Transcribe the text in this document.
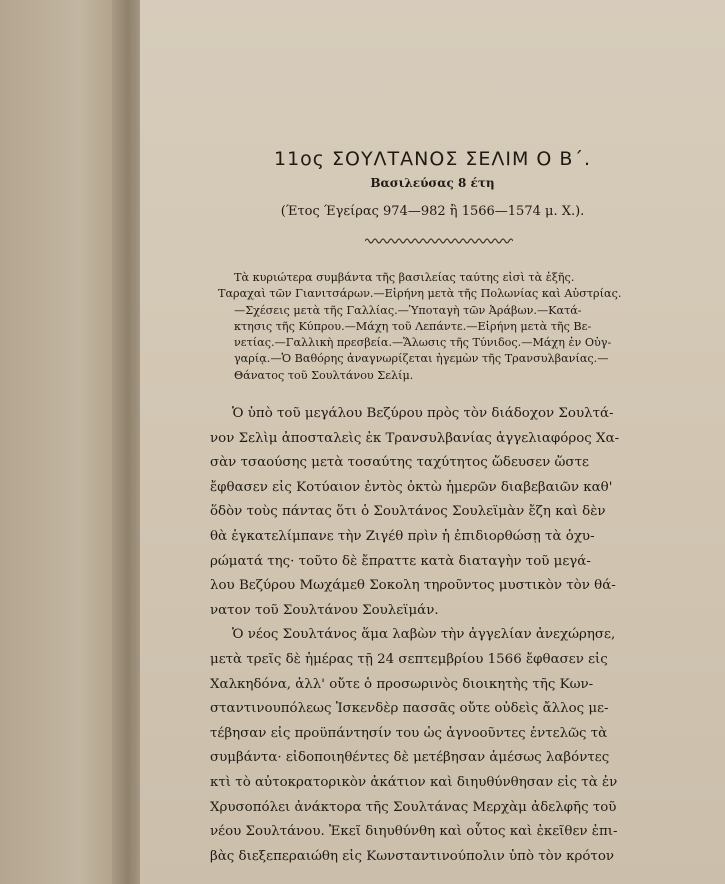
11ος ΣΟΥΛΤΑΝΟΣ ΣΕΛΙΜ Ο Β΄.
Βασιλεύσας 8 έτη
(Έτος Έγείρας 974—982 ἢ 1566—1574 μ. Χ.).
Τὰ κυριώτερα συμβάντα τῆς βασιλείας ταύτης εἰσὶ τὰ ἑξῆς.
Ταραχαὶ τῶν Γιανιτσάρων.—Εἰρήνη μετὰ τῆς Πολωνίας καὶ Αὐστρίας.
—Σχέσεις μετὰ τῆς Γαλλίας.—Ὑποταγὴ τῶν Ἀράβων.—Κατά-
κτησις τῆς Κύπρου.—Μάχη τοῦ Λεπάντε.—Εἰρήνη μετὰ τῆς Βε-
νετίας.—Γαλλικὴ πρεσβεία.—Ἅλωσις τῆς Τύνιδος.—Μάχη ἐν Οὐγ-
γαρίᾳ.—Ὁ Βαθόρης ἀναγνωρίζεται ἡγεμὼν τῆς Τρανσυλβανίας.—
Θάνατος τοῦ Σουλτάνου Σελίμ.
Ὁ ὑπὸ τοῦ μεγάλου Βεζύρου πρὸς τὸν διάδοχον Σουλτά-
νον Σελὶμ ἀποσταλεὶς ἐκ Τρανσυλβανίας ἀγγελιαφόρος Χα-
σὰν τσαούσης μετὰ τοσαύτης ταχύτητος ὥδευσεν ὥστε
ἔφθασεν εἰς Κοτύαιον ἐντὸς ὀκτὼ ἡμερῶν διαβεβαιῶν καθ'
ὅδὸν τοὺς πάντας ὅτι ὁ Σουλτάνος Σουλεϊμὰν ἔζη καὶ δὲν
θὰ ἐγκατελίμπανε τὴν Ζιγέθ πρὶν ἡ ἐπιδιορθώσῃ τὰ ὀχυ-
ρώματά της· τοῦτο δὲ ἔπραττε κατὰ διαταγὴν τοῦ μεγά-
λου Βεζύρου Μωχάμεθ Σοκολη τηροῦντος μυστικὸν τὸν θά-
νατον τοῦ Σουλτάνου Σουλεϊμάν.
Ὁ νέος Σουλτάνος ἅμα λαβὼν τὴν ἀγγελίαν ἀνεχώρησε,
μετὰ τρεῖς δὲ ἡμέρας τῇ 24 σεπτεμβρίου 1566 ἔφθασεν εἰς
Χαλκηδόνα, ἀλλ' οὔτε ὁ προσωρινὸς διοικητὴς τῆς Κων-
σταντινουπόλεως Ἰσκενδὲρ πασσᾶς οὔτε οὐδεὶς ἄλλος με-
τέβησαν εἰς προϋπάντησίν του ὡς ἀγνοοῦντες ἐντελῶς τὰ
συμβάντα· εἰδοποιηθέντες δὲ μετέβησαν ἀμέσως λαβόντες
κτὶ τὸ αὐτοκρατορικὸν ἀκάτιον καὶ διηυθύνθησαν εἰς τὰ ἐν
Χρυσοπόλει ἀνάκτορα τῆς Σουλτάνας Μερχὰμ ἀδελφῆς τοῦ
νέου Σουλτάνου. Ἐκεῖ διηυθύνθη καὶ οὗτος καὶ ἐκεῖθεν ἐπι-
βὰς διεξεπεραιώθη εἰς Κωνσταντινούπολιν ὑπὸ τὸν κρότον
